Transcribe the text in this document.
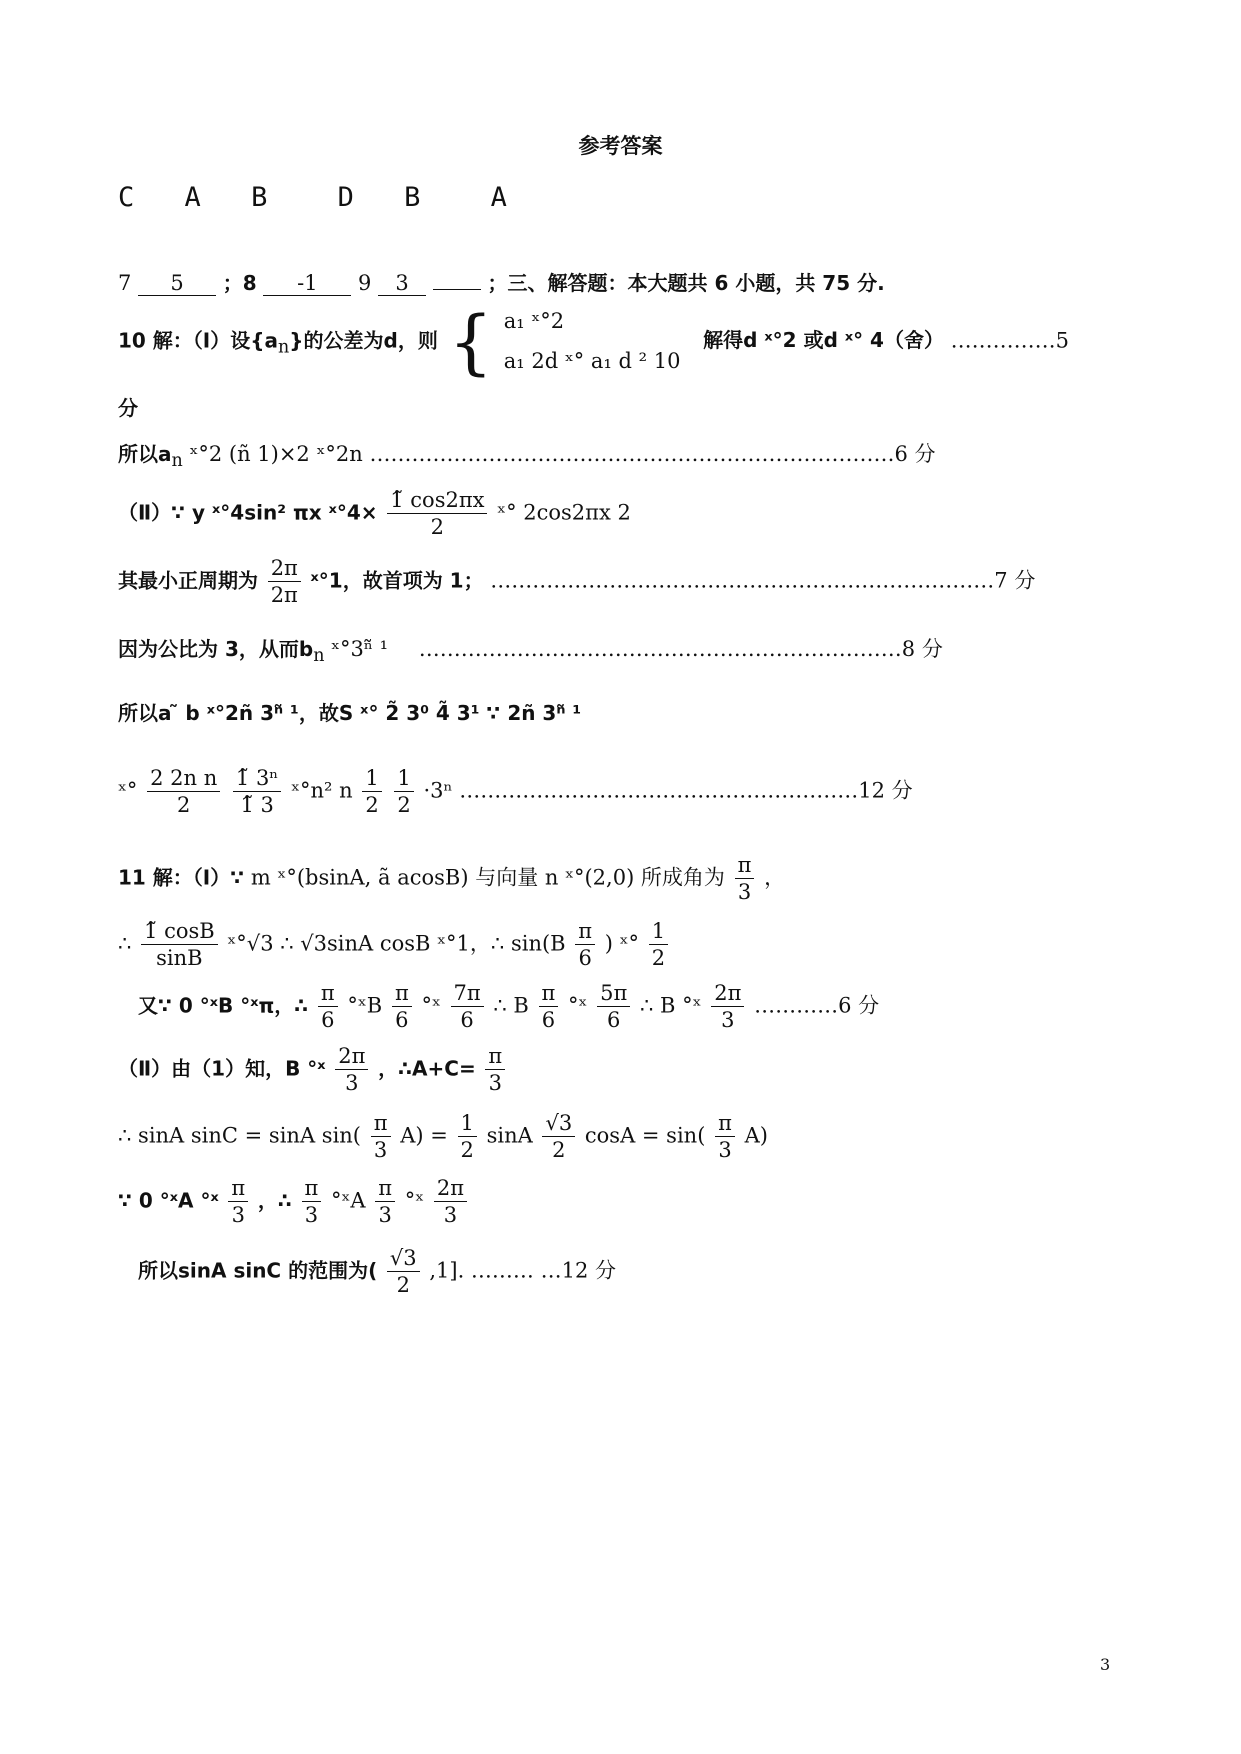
参考答案
C A B	D B	A
7 5 ；8 -1 9 3	；三、解答题：本大题共 6 小题，共 75 分.
10 解：（Ⅰ）设$\{a_n\}$的公差为d，则 { a₁ ˣ°2
a₁ 2d ˣ° a₁ d ² 10
解得d ˣ°2 或d ˣ° 4（舍） ……………5
分
所以$a_n$ ˣ°2 (ñ 1)×2 ˣ°2n …………………………………………………………………6 分
（Ⅱ）∵ y ˣ°4sin² πx ˣ°4× $\frac{1̃ \cos 2\pi x}{2}$ ˣ° 2cos2πx 2
其最小正周期为 $\frac{2\pi}{2\pi}$ ˣ°1，故首项为 1； ………………………………………………………………7 分
因为公比为 3，从而$b_n$ ˣ°3ⁿ̃ ¹ ……………………………………………………………8 分
所以a ̃ b ˣ°2ñ 3ⁿ̃ ¹，故S ˣ° 2̃ 3⁰ 4̃ 3¹ ∵ 2ñ 3ⁿ̃ ¹
ˣ° $\frac{\text{2 2n n}}{2}$
$\frac{\text{1̃ 3ⁿ}}{1̃ 3}$ ˣ°n² n $\frac{1}{2}$
$\frac{1}{2} \cdot 3^n$ …………………………………………………12 分
11 解：（Ⅰ）∵ m ˣ°(bsinA, ã acosB) 与向量 n ˣ°(2,0) 所成角为 $\frac{\pi}{3}$ ，
∴ $\frac{1̃ \cos B}{\sin B}$ ˣ°√3 ∴ √3sinA cosB ˣ°1，∴ $\sin(B \frac{\pi}{6}$ ) ˣ° $\frac{1}{2}$
又∵ 0 °ˣB °ˣπ，∴ $\frac{\pi}{6}$ °ˣB $\frac{\pi}{6}$ °ˣ $\frac{7\pi}{6}$ ∴ B $\frac{\pi}{6}$ °ˣ $\frac{5\pi}{6}$ ∴ B °ˣ $\frac{2\pi}{3}$ …………6 分
（Ⅱ）由（1）知，B °ˣ $\frac{2\pi}{3}$ ，∴A+C= $\frac{\pi}{3}$
∴ sinA sinC = sinA $\sin( \frac{\pi}{3} A) = \frac{1}{2}$ sinA $\frac{√3}{2}$ $\cos A = \sin( \frac{\pi}{3} A)$
∵ 0 °ˣA °ˣ $\frac{\pi}{3}$ ，∴ $\frac{\pi}{3}$ °ˣA $\frac{\pi}{3}$ °ˣ $\frac{2\pi}{3}$
所以sinA sinC 的范围为( $\frac{√3}{2} ,1$]. ……… …12 分
3
